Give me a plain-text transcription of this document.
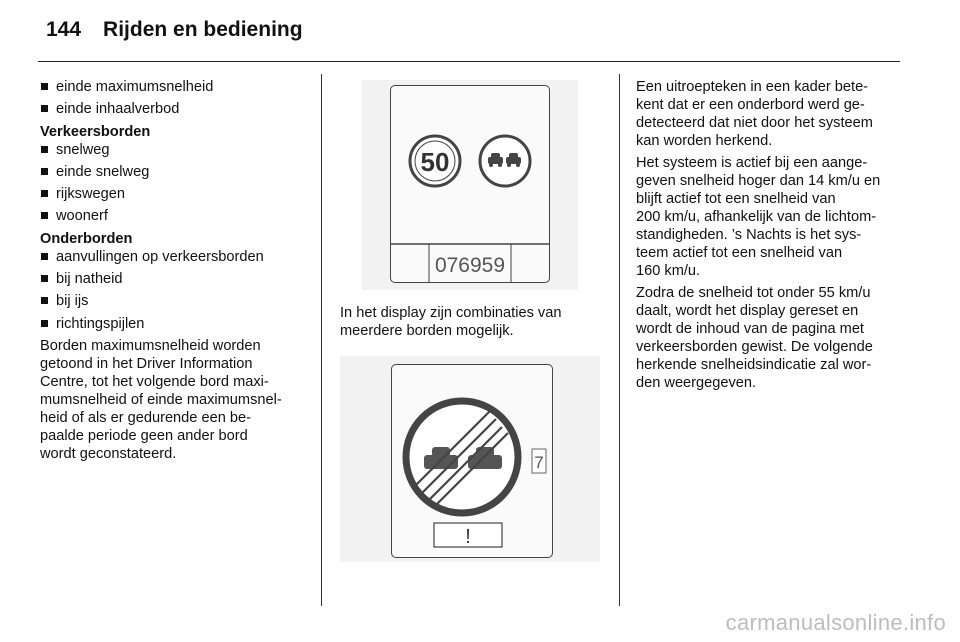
144 Rijden en bediening
einde maximumsnelheid
einde inhaalverbod
Verkeersborden
snelweg
einde snelweg
rijkswegen
woonerf
Onderborden
aanvullingen op verkeersborden
bij natheid
bij ijs
richtingspijlen
Borden maximumsnelheid worden
getoond in het Driver Information
Centre, tot het volgende bord maxi-
mumsnelheid of einde maximumsnel-
heid of als er gedurende een be-
paalde periode geen ander bord
wordt geconstateerd.
50
076959
In het display zijn combinaties van
meerdere borden mogelijk.
7
!
Een uitroepteken in een kader bete-
kent dat er een onderbord werd ge-
detecteerd dat niet door het systeem
kan worden herkend.
Het systeem is actief bij een aange-
geven snelheid hoger dan 14 km/u en
blijft actief tot een snelheid van
200 km/u, afhankelijk van de lichtom-
standigheden. ’s Nachts is het sys-
teem actief tot een snelheid van
160 km/u.
Zodra de snelheid tot onder 55 km/u
daalt, wordt het display gereset en
wordt de inhoud van de pagina met
verkeersborden gewist. De volgende
herkende snelheidsindicatie zal wor-
den weergegeven.
carmanualsonline.info
